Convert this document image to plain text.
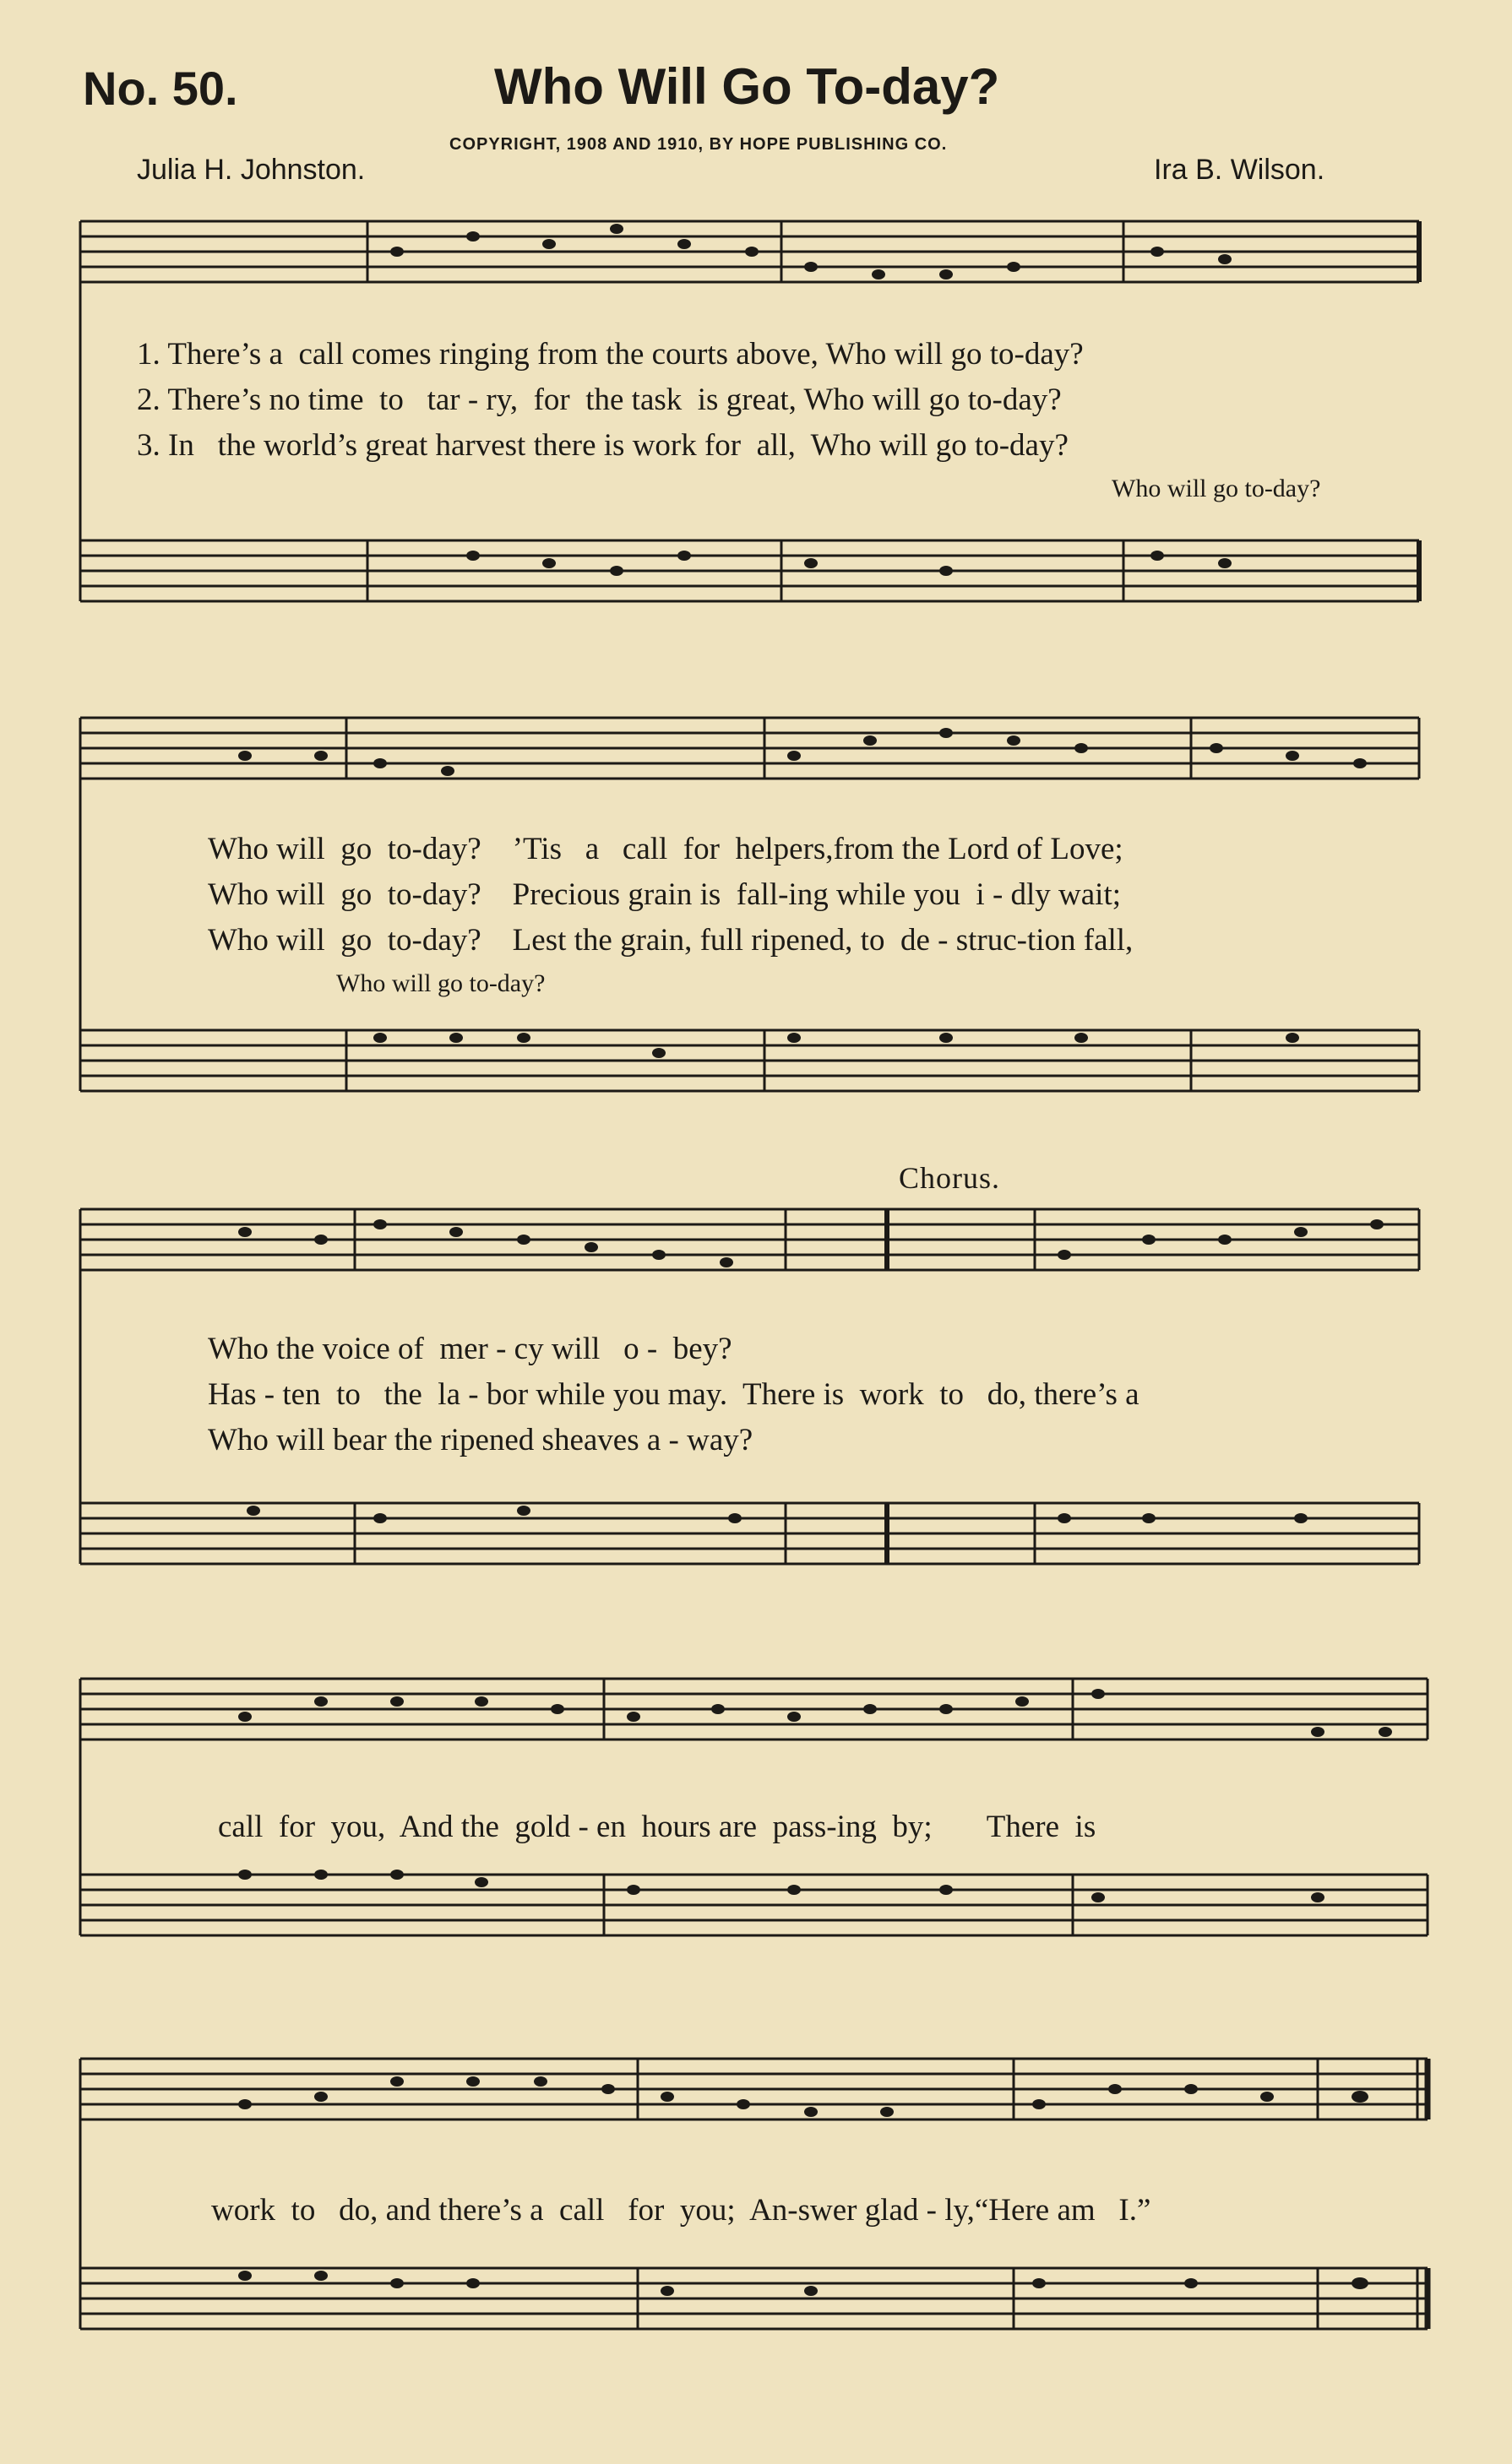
No. 50.	Who Will Go To-day?
COPYRIGHT, 1908 AND 1910, BY HOPE PUBLISHING CO.
Julia H. Johnston.	Ira B. Wilson.
1. There’s a  call comes ringing from the courts above, Who will go to-day?
2. There’s no time  to   tar - ry,  for  the task  is great, Who will go to-day?
3. In   the world’s great harvest there is work for  all,  Who will go to-day?
Who will go to-day?
Who will  go  to-day?    ’Tis   a   call  for  helpers,from the Lord of Love;
Who will  go  to-day?    Precious grain is  fall-ing while you  i - dly wait;
Who will  go  to-day?    Lest the grain, full ripened, to  de - struc-tion fall,
Who will go to-day?
Who the voice of  mer - cy will   o -  bey?
Has - ten  to   the  la - bor while you may.  There is  work  to   do, there’s a
Who will bear the ripened sheaves a - way?
Chorus.
call  for  you,  And the  gold - en  hours are  pass-ing  by;       There  is
work  to   do, and there’s a  call   for  you;  An-swer glad - ly,“Here am   I.”
